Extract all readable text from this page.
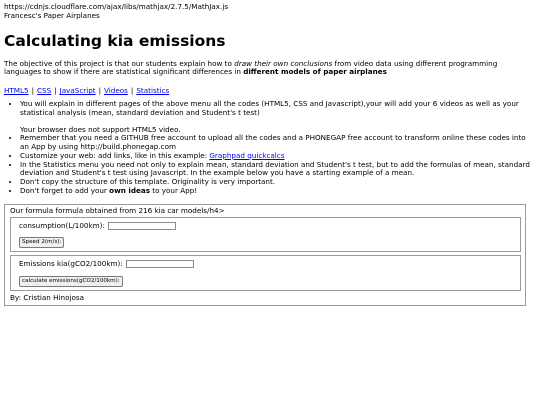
https://cdnjs.cloudflare.com/ajax/libs/mathjax/2.7.5/MathJax.js
Francesc's Paper Airplanes
Calculating kia emissions

The objective of this project is that our students explain how to draw their own conclusions from video data using different programming languages to show if there are statistical significant differences in different models of paper airplanes

HTML5 | CSS | JavaScript | Videos | Statistics
• You will explain in different pages of the above menu all the codes (HTML5, CSS and Javascript),your will add your 6 videos as well as your statistical analysis (mean, standard deviation and Student's t test)
Your browser does not support HTML5 video.
• Remember that you need a GITHUB free account to upload all the codes and a PHONEGAP free account to transform online these codes into an App by using http://build.phonegap.com
• Customize your web: add links, like in this example: Graphpad quickcalcs
• In the Statistics menu you need not only to explain mean, standard deviation and Student's t test, but to add the formulas of mean, standard deviation and Student's t test using Javascript. In the example below you have a starting example of a mean.
• Don't copy the structure of this template. Originality is very important.
• Don't forget to add your own ideas to your App!
Our formula formula obtained from 216 kia car models/h4>
consumption(L/100km):
Speed 2(m/s):
Emissions kia(gCO2/100km):
calculate emissions(gCO2/100km):
By: Cristian Hinojosa
